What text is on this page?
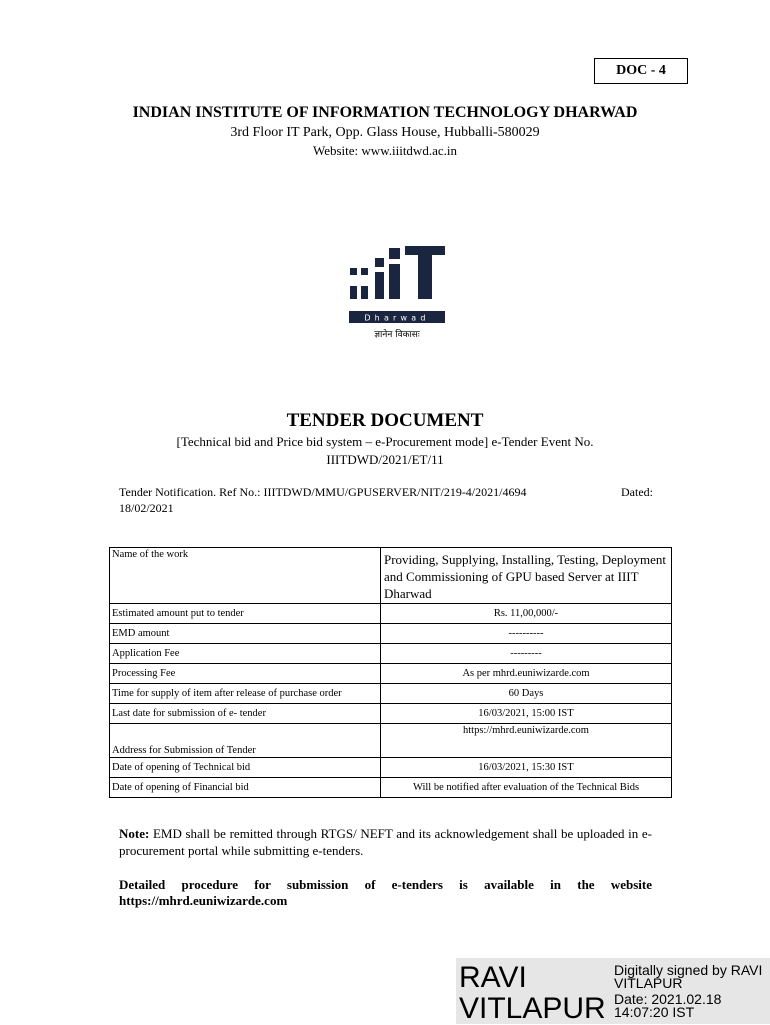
DOC - 4
INDIAN INSTITUTE OF INFORMATION TECHNOLOGY DHARWAD
3rd Floor IT Park, Opp. Glass House, Hubballi-580029
Website: www.iiitdwd.ac.in
Dharwad
ज्ञानेन विकासः
TENDER DOCUMENT
[Technical bid and Price bid system – e-Procurement mode] e-Tender Event No.
IIITDWD/2021/ET/11
Tender Notification. Ref No.: IIITDWD/MMU/GPUSERVER/NIT/219-4/2021/4694	Dated:
18/02/2021
Name of the work	Providing, Supplying, Installing, Testing, Deployment and Commissioning of GPU based Server at IIIT Dharwad
Estimated amount put to tender	Rs. 11,00,000/-
EMD amount	----------
Application Fee	---------
Processing Fee	As per mhrd.euniwizarde.com
Time for supply of item after release of purchase order	60 Days
Last date for submission of e- tender	16/03/2021, 15:00 IST
Address for Submission of Tender	https://mhrd.euniwizarde.com
Date of opening of Technical bid	16/03/2021, 15:30 IST
Date of opening of Financial bid	Will be notified after evaluation of the Technical Bids
Note: EMD shall be remitted through RTGS/ NEFT and its acknowledgement shall be uploaded in e-procurement portal while submitting e-tenders.
Detailed procedure for submission of e-tenders is available in the website
https://mhrd.euniwizarde.com
RAVI
VITLAPUR
Digitally signed by RAVI
VITLAPUR
Date: 2021.02.18
14:07:20 IST
